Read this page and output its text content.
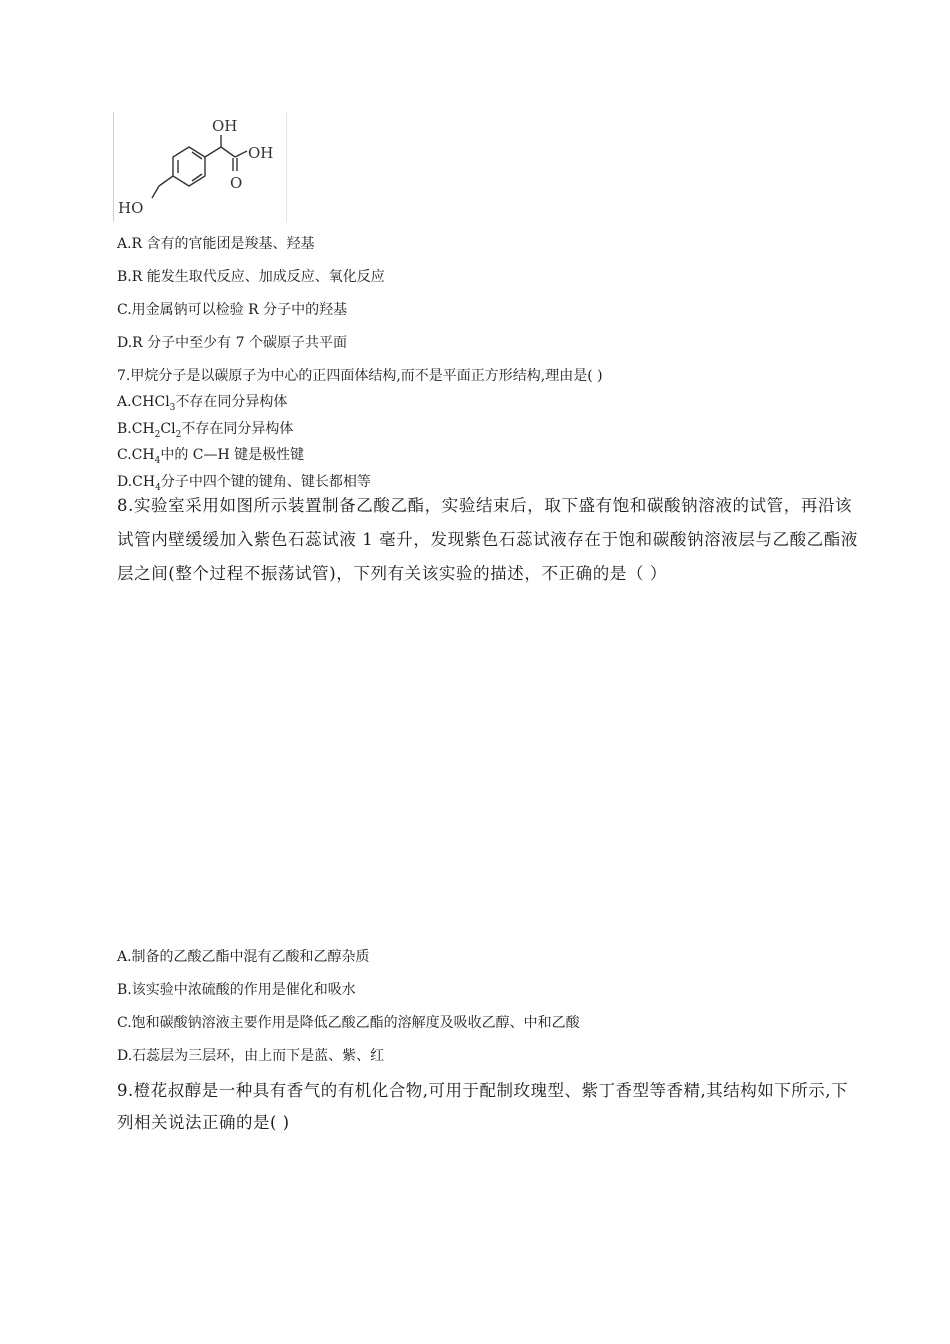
OH
OH
O
HO
A.R 含有的官能团是羧基、羟基
B.R 能发生取代反应、加成反应、氧化反应
C.用金属钠可以检验 R 分子中的羟基
D.R 分子中至少有 7 个碳原子共平面
7.甲烷分子是以碳原子为中心的正四面体结构,而不是平面正方形结构,理由是( )
A.CHCl$_3$不存在同分异构体
$B.CH_2Cl_2$不存在同分异构体
$C.CH_4$中的 C—H 键是极性键
$D.CH_4$分子中四个键的键角、键长都相等
8.实验室采用如图所示装置制备乙酸乙酯，实验结束后，取下盛有饱和碳酸钠溶液的试管，再沿该
试管内壁缓缓加入紫色石蕊试液 1 毫升，发现紫色石蕊试液存在于饱和碳酸钠溶液层与乙酸乙酯液
层之间(整个过程不振荡试管)，下列有关该实验的描述，不正确的是（ ）
A.制备的乙酸乙酯中混有乙酸和乙醇杂质
B.该实验中浓硫酸的作用是催化和吸水
C.饱和碳酸钠溶液主要作用是降低乙酸乙酯的溶解度及吸收乙醇、中和乙酸
D.石蕊层为三层环，由上而下是蓝、紫、红
9.橙花叔醇是一种具有香气的有机化合物,可用于配制玫瑰型、紫丁香型等香精,其结构如下所示,下
列相关说法正确的是( )
